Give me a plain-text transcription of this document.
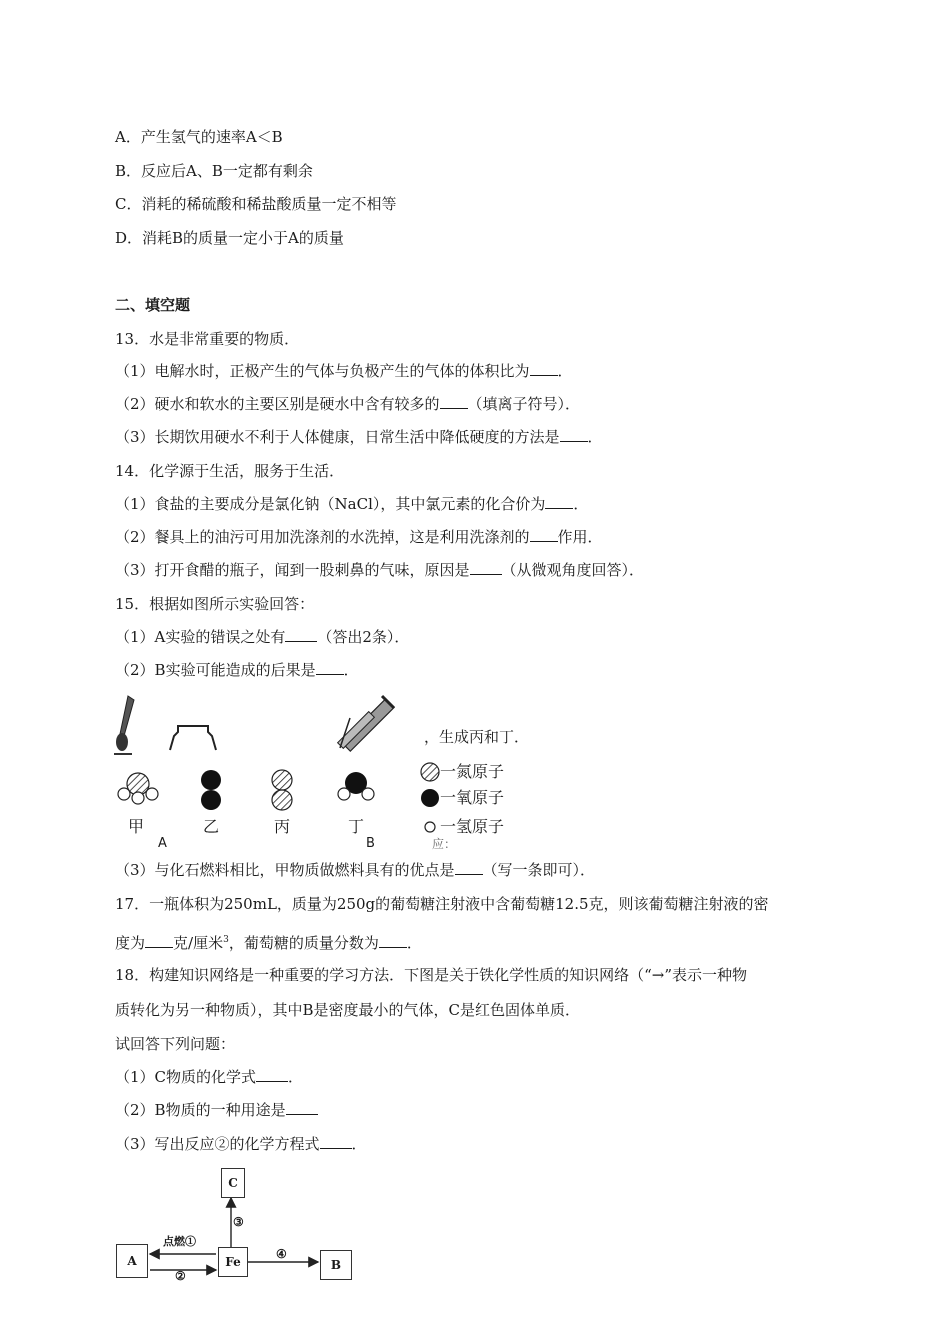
A．产生氢气的速率A＜B
B．反应后A、B一定都有剩余
C．消耗的稀硫酸和稀盐酸质量一定不相等
D．消耗B的质量一定小于A的质量
二、填空题
13．水是非常重要的物质．
（1）电解水时，正极产生的气体与负极产生的气体的体积比为 ．
（2）硬水和软水的主要区别是硬水中含有较多的 （填离子符号）．
（3）长期饮用硬水不利于人体健康，日常生活中降低硬度的方法是 ．
14．化学源于生活，服务于生活．
（1）食盐的主要成分是氯化钠（NaCl），其中氯元素的化合价为 ．
（2）餐具上的油污可用加洗涤剂的水洗掉，这是利用洗涤剂的 作用．
（3）打开食醋的瓶子，闻到一股刺鼻的气味，原因是 （从微观角度回答）．
15．根据如图所示实验回答：
（1）A实验的错误之处有 （答出2条）．
（2）B实验可能造成的后果是 ．
，生成丙和丁．
甲	乙	丙	丁
A	B
一氮原子
一氧原子
一氢原子
应：
（3）与化石燃料相比，甲物质做燃料具有的优点是 （写一条即可）．
17．一瓶体积为250mL，质量为250g的葡萄糖注射液中含葡萄糖12.5克，则该葡萄糖注射液的密
度为 克/厘米$^3$，葡萄糖的质量分数为 ．
18．构建知识网络是一种重要的学习方法．下图是关于铁化学性质的知识网络（“→”表示一种物
质转化为另一种物质），其中B是密度最小的气体，C是红色固体单质．
试回答下列问题：
（1）C物质的化学式 ．
（2）B物质的一种用途是
（3）写出反应②的化学方程式 ．
C
A	Fe	B
点燃①
②
③
④
